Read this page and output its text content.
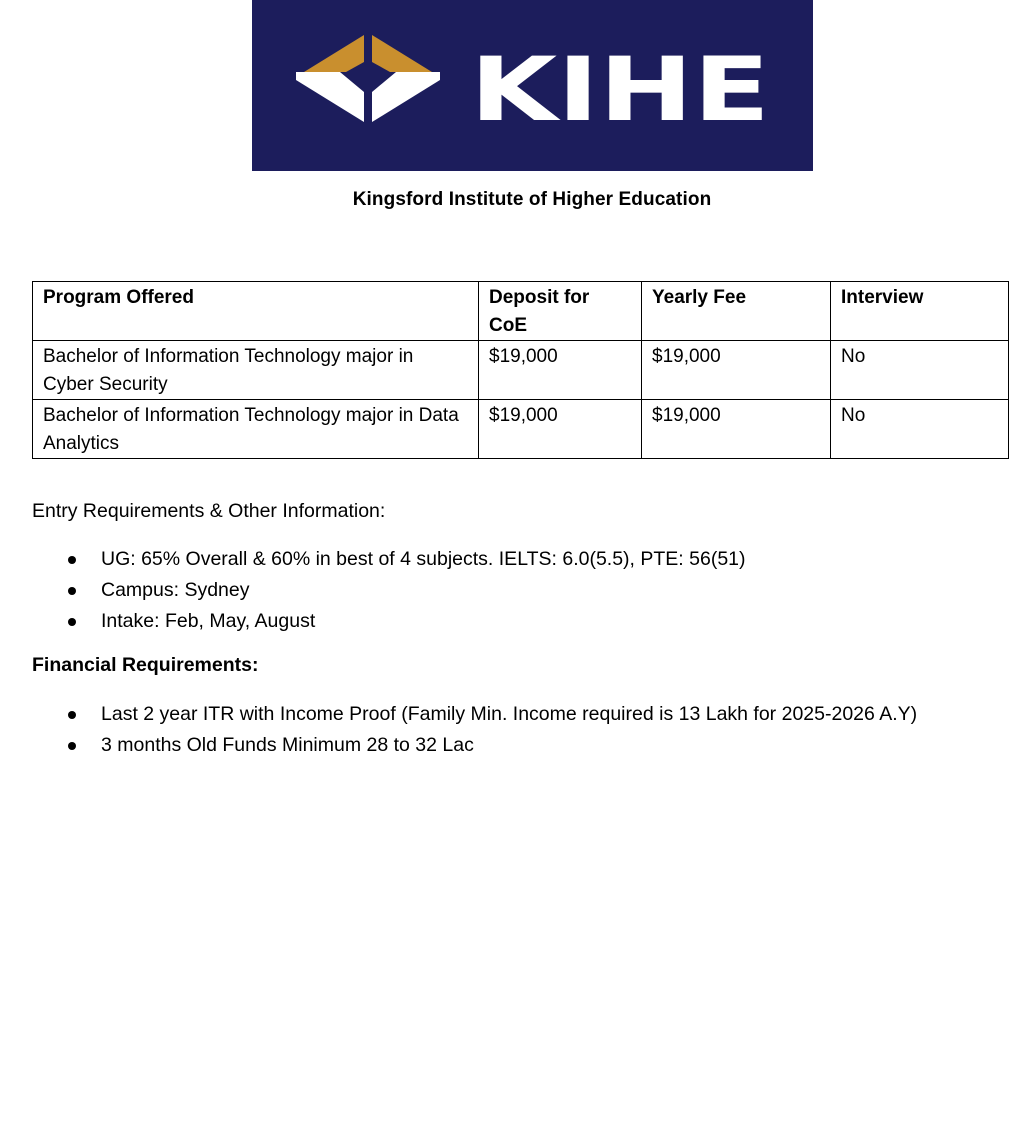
KIHE
Kingsford Institute of Higher Education
Program Offered	Deposit for CoE	Yearly Fee	Interview
Bachelor of Information Technology major in Cyber Security	$19,000	$19,000	No
Bachelor of Information Technology major in Data Analytics	$19,000	$19,000	No
Entry Requirements & Other Information:
UG: 65% Overall & 60% in best of 4 subjects. IELTS: 6.0(5.5), PTE: 56(51)
Campus: Sydney
Intake: Feb, May, August
Financial Requirements:
Last 2 year ITR with Income Proof (Family Min. Income required is 13 Lakh for 2025-2026 A.Y)
3 months Old Funds Minimum 28 to 32 Lac
